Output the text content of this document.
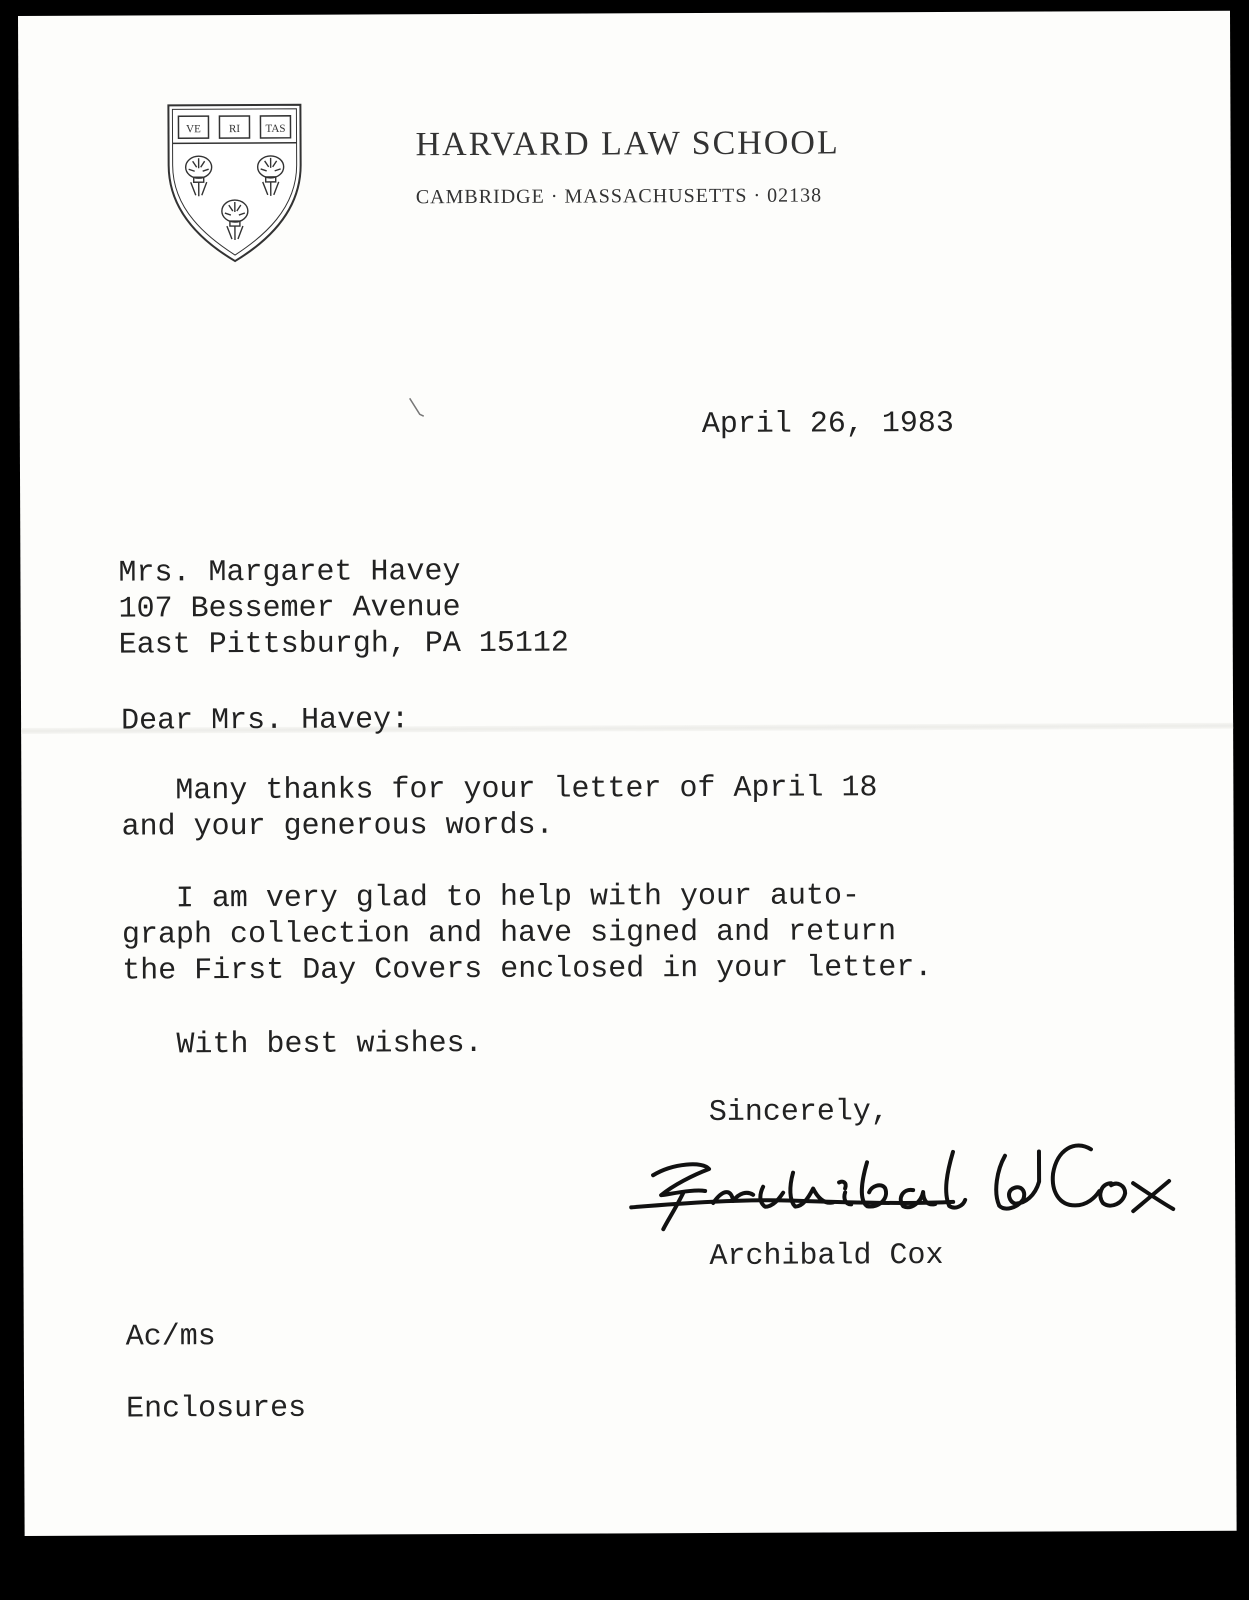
VE	RI TAS	HARVARD LAW SCHOOL
CAMBRIDGE · MASSACHUSETTS · 02138
April 26, 1983
Mrs. Margaret Havey
107 Bessemer Avenue
East Pittsburgh, PA 15112
Dear Mrs. Havey:
Many thanks for your letter of April 18
and your generous words.
I am very glad to help with your auto-
graph collection and have signed and return
the First Day Covers enclosed in your letter.
With best wishes.
Sincerely,
Archibald Cox
Ac/ms
Enclosures
